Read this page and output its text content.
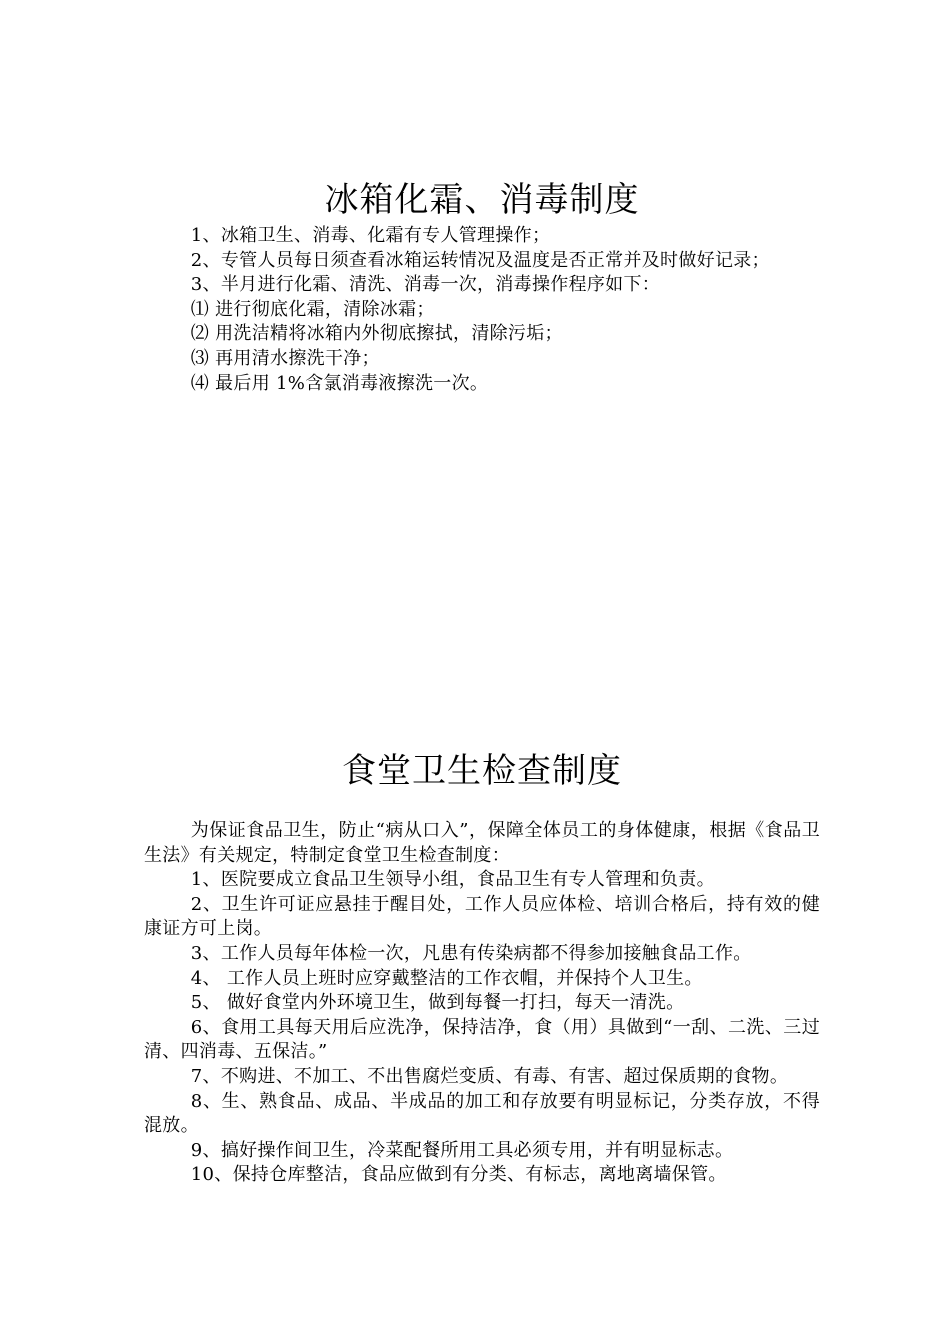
冰箱化霜、消毒制度

1、冰箱卫生、消毒、化霜有专人管理操作；

2、专管人员每日须查看冰箱运转情况及温度是否正常并及时做好记录；

3、半月进行化霜、清洗、消毒一次，消毒操作程序如下：

⑴ 进行彻底化霜，清除冰霜；

⑵ 用洗洁精将冰箱内外彻底擦拭，清除污垢；

⑶ 再用清水擦洗干净；

⑷ 最后用 1%含氯消毒液擦洗一次。

食堂卫生检查制度

为保证食品卫生，防止“病从口入”，保障全体员工的身体健康，根据《食品卫生法》有关规定，特制定食堂卫生检查制度：

1、医院要成立食品卫生领导小组，食品卫生有专人管理和负责。

2、卫生许可证应悬挂于醒目处，工作人员应体检、培训合格后，持有效的健康证方可上岗。

3、工作人员每年体检一次，凡患有传染病都不得参加接触食品工作。

4、 工作人员上班时应穿戴整洁的工作衣帽，并保持个人卫生。

5、 做好食堂内外环境卫生，做到每餐一打扫，每天一清洗。

6、食用工具每天用后应洗净，保持洁净，食（用）具做到“一刮、二洗、三过清、四消毒、五保洁。”

7、不购进、不加工、不出售腐烂变质、有毒、有害、超过保质期的食物。

8、生、熟食品、成品、半成品的加工和存放要有明显标记，分类存放，不得混放。

9、搞好操作间卫生，冷菜配餐所用工具必须专用，并有明显标志。

10、保持仓库整洁，食品应做到有分类、有标志，离地离墙保管。
